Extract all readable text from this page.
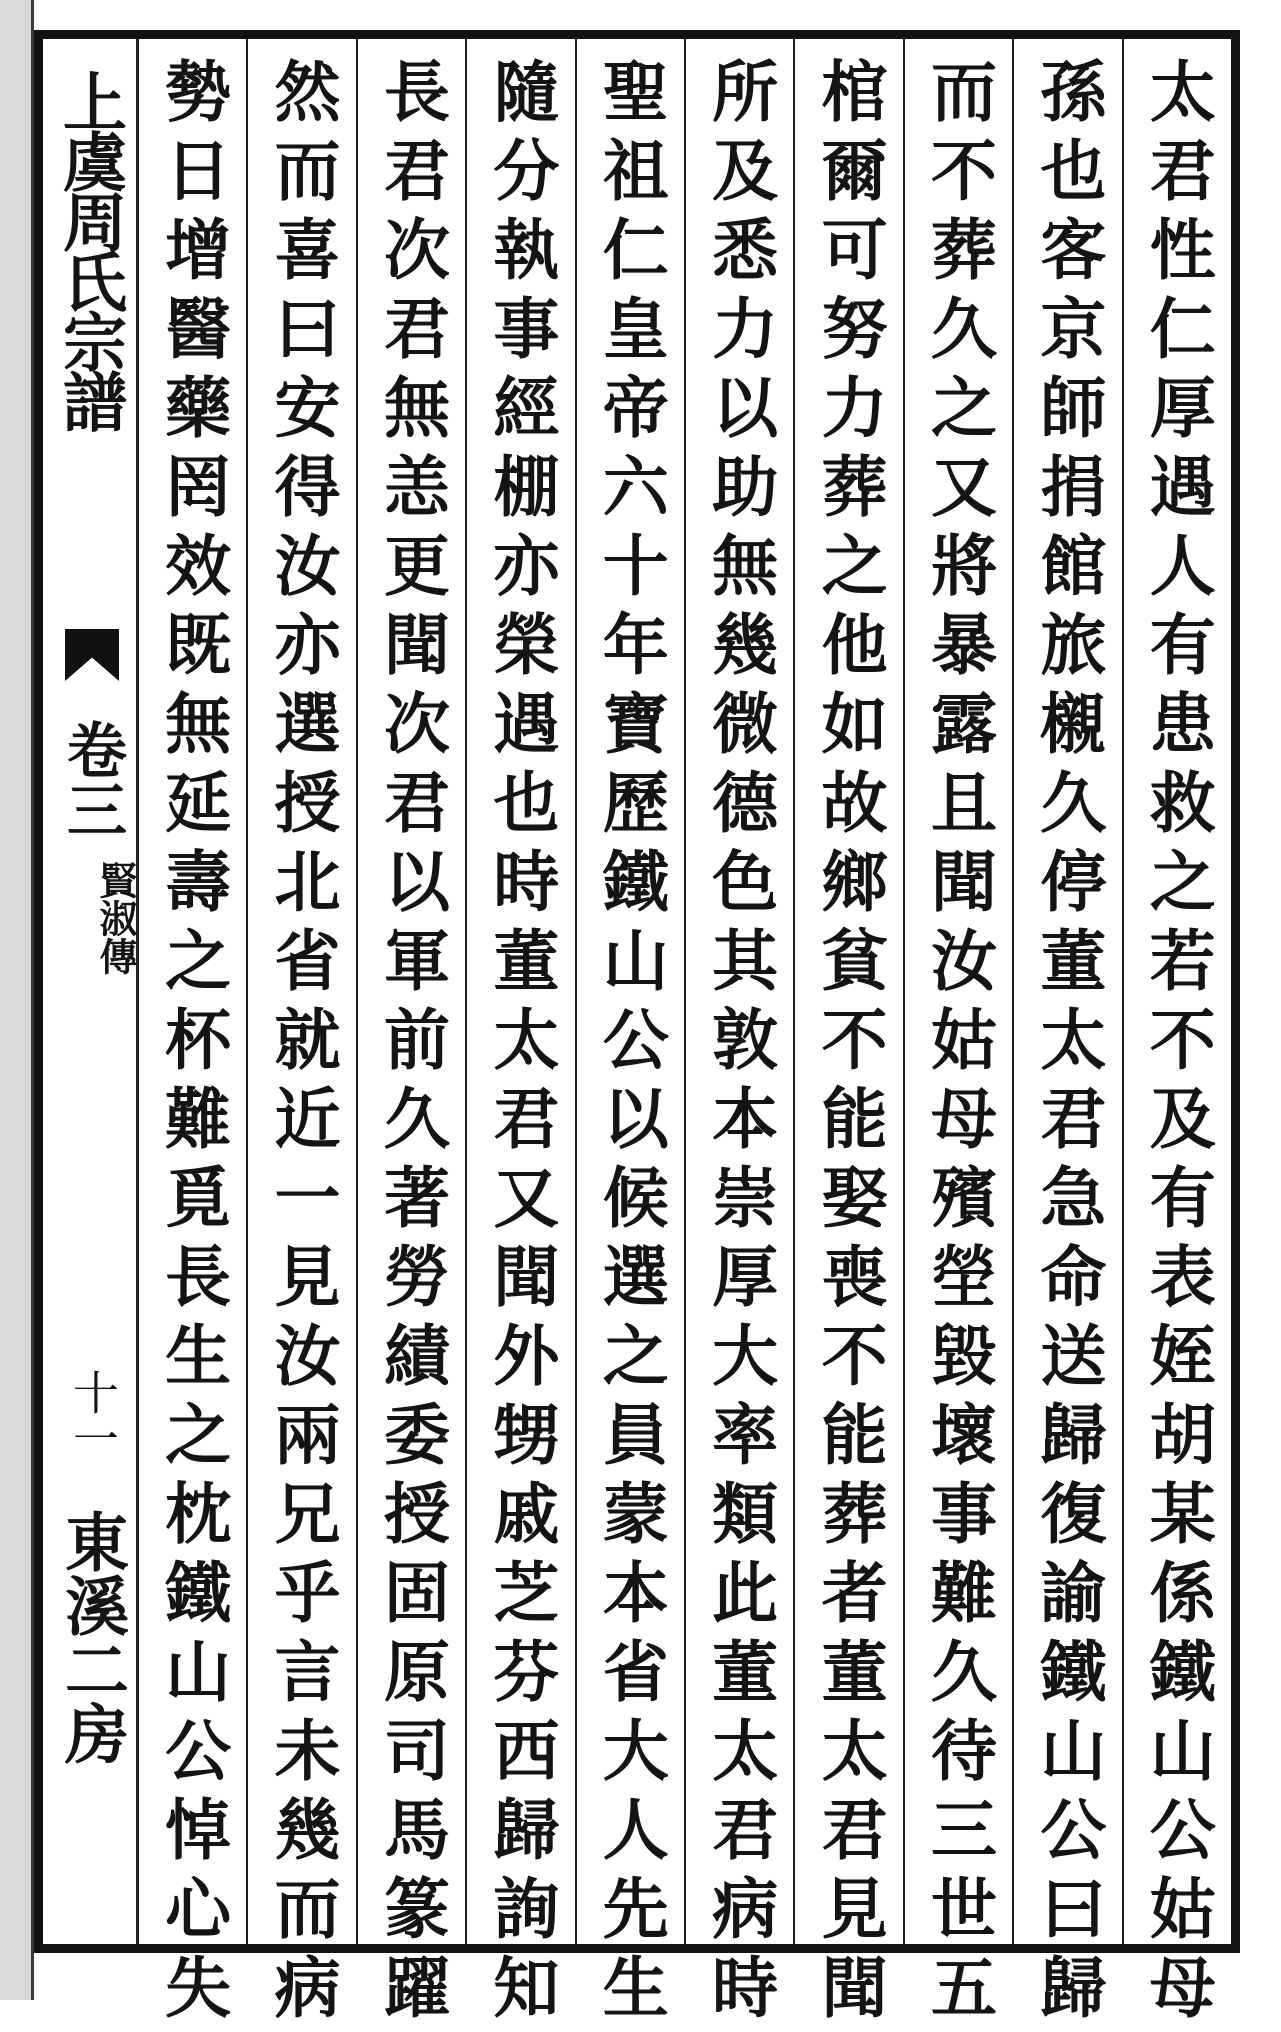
上虞周氏宗譜
卷三
賢淑傳
十一
東溪二房	太君性仁厚遇人有患救之若不及有表姪胡某係鐵山公姑母
孫也客京師捐館旅櫬久停董太君急命送歸復諭鐵山公曰歸
而不葬久之又將暴露且聞汝姑母殯塋毀壞事難久待三世五
棺爾可努力葬之他如故鄉貧不能娶喪不能葬者董太君見聞
所及悉力以助無幾微德色其敦本崇厚大率類此董太君病時
聖祖仁皇帝六十年寶歷鐵山公以候選之員蒙本省大人先生
隨分執事經棚亦榮遇也時董太君又聞外甥戚芝芬西歸詢知
長君次君無恙更聞次君以軍前久著勞績委授固原司馬篆躍
然而喜曰安得汝亦選授北省就近一見汝兩兄乎言未幾而病
勢日增醫藥罔效既無延壽之杯難覓長生之枕鐵山公悼心失
